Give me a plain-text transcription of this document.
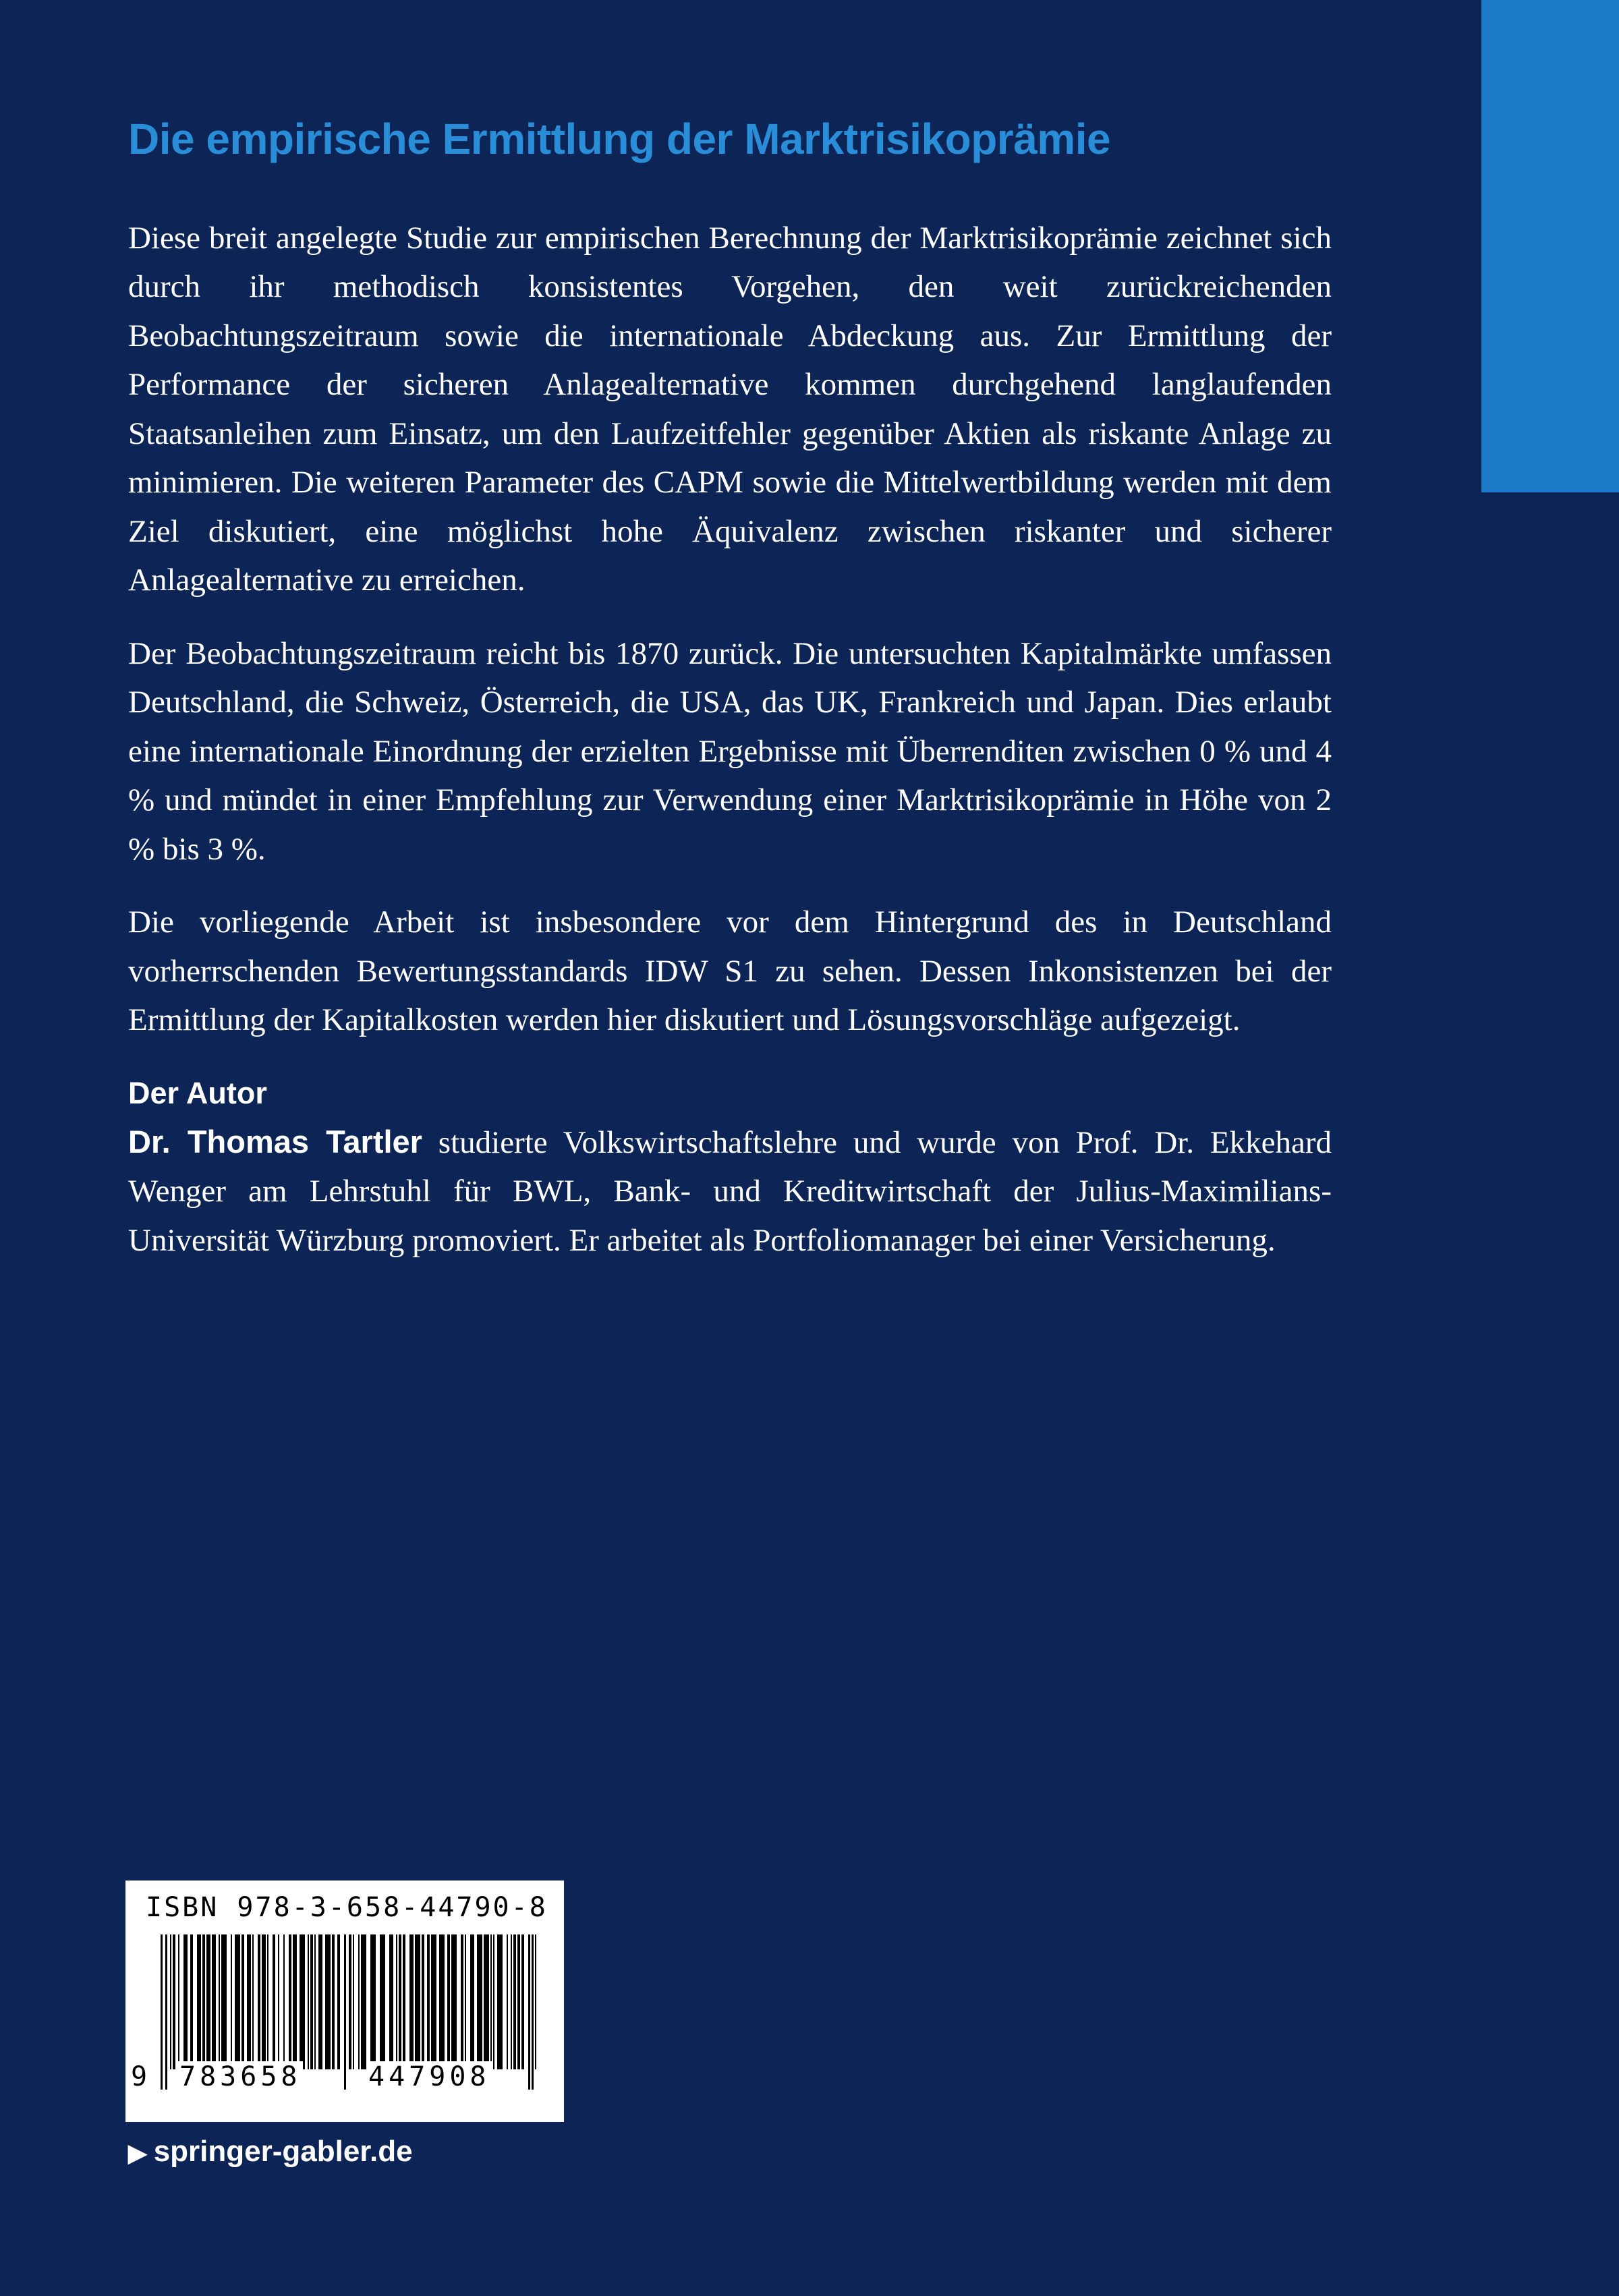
Die empirische Ermittlung der Marktrisikoprämie

Diese breit angelegte Studie zur empirischen Berechnung der Marktrisikoprämie zeichnet sich durch ihr methodisch konsistentes Vorgehen, den weit zurückreichenden Beobachtungszeitraum sowie die internationale Abdeckung aus. Zur Ermittlung der Performance der sicheren Anlagealternative kommen durchgehend langlaufenden Staatsanleihen zum Einsatz, um den Laufzeitfehler gegenüber Aktien als riskante Anlage zu minimieren. Die weiteren Parameter des CAPM sowie die Mittelwertbildung werden mit dem Ziel diskutiert, eine möglichst hohe Äquivalenz zwischen riskanter und sicherer Anlagealternative zu erreichen.

Der Beobachtungszeitraum reicht bis 1870 zurück. Die untersuchten Kapitalmärkte umfassen Deutschland, die Schweiz, Österreich, die USA, das UK, Frankreich und Japan. Dies erlaubt eine internationale Einordnung der erzielten Ergebnisse mit Überrenditen zwischen 0 % und 4 % und mündet in einer Empfehlung zur Verwendung einer Marktrisikoprämie in Höhe von 2 % bis 3 %.

Die vorliegende Arbeit ist insbesondere vor dem Hintergrund des in Deutschland vorherrschenden Bewertungsstandards IDW S1 zu sehen. Dessen Inkonsistenzen bei der Ermittlung der Kapitalkosten werden hier diskutiert und Lösungsvorschläge aufgezeigt.

Der Autor

Dr. Thomas Tartler studierte Volkswirtschaftslehre und wurde von Prof. Dr. Ekkehard Wenger am Lehrstuhl für BWL, Bank- und Kreditwirtschaft der Julius-Maximilians-Universität Würzburg promoviert. Er arbeitet als Portfoliomanager bei einer Versicherung.

ISBN 978-3-658-44790-8

9 783658 447908
▶ springer-gabler.de
